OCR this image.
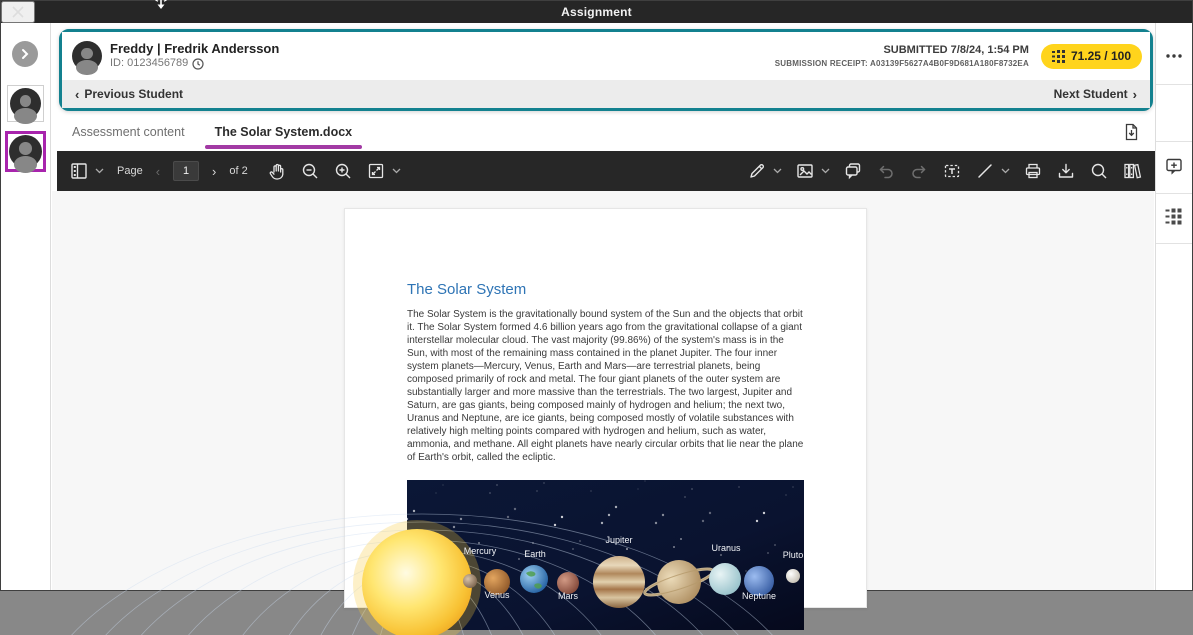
Assignment
Freddy | Fredrik Andersson
ID: 0123456789
SUBMITTED 7/8/24, 1:54 PM
SUBMISSION RECEIPT: A03139F5627A4B0F9D681A180F8732EA
71.25 / 100
‹ Previous Student	Next Student ›
Assessment content	The Solar System.docx
Page ‹
1	› of 2
The Solar System

The Solar System is the gravitationally bound system of the Sun and the objects that orbit it. The Solar System formed 4.6 billion years ago from the gravitational collapse of a giant interstellar molecular cloud. The vast majority (99.86%) of the system's mass is in the Sun, with most of the remaining mass contained in the planet Jupiter. The four inner system planets—Mercury, Venus, Earth and Mars—are terrestrial planets, being composed primarily of rock and metal. The four giant planets of the outer system are substantially larger and more massive than the terrestrials. The two largest, Jupiter and Saturn, are gas giants, being composed mainly of hydrogen and helium; the next two, Uranus and Neptune, are ice giants, being composed mostly of volatile substances with relatively high melting points compared with hydrogen and helium, such as water, ammonia, and methane. All eight planets have nearly circular orbits that lie near the plane of Earth's orbit, called the ecliptic.

Mercury	Earth
Jupiter
Uranus
Pluto
Venus	Mars	Neptune
